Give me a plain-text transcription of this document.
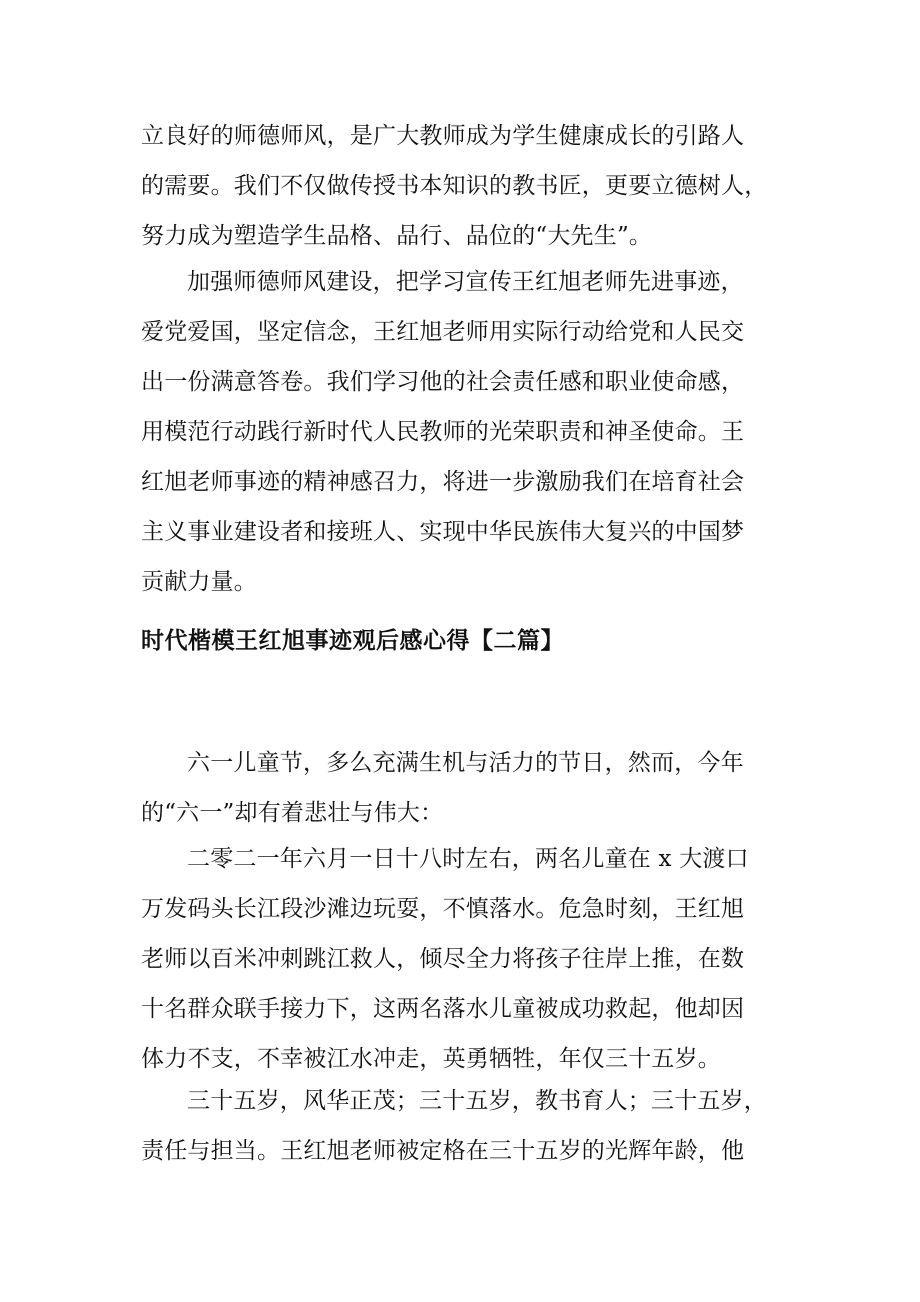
立良好的师德师风，是广大教师成为学生健康成长的引路人
的需要。我们不仅做传授书本知识的教书匠，更要立德树人，
努力成为塑造学生品格、品行、品位的“大先生”。
加强师德师风建设，把学习宣传王红旭老师先进事迹，
爱党爱国，坚定信念，王红旭老师用实际行动给党和人民交
出一份满意答卷。我们学习他的社会责任感和职业使命感，
用模范行动践行新时代人民教师的光荣职责和神圣使命。王
红旭老师事迹的精神感召力，将进一步激励我们在培育社会
主义事业建设者和接班人、实现中华民族伟大复兴的中国梦
贡献力量。
时代楷模王红旭事迹观后感心得【二篇】
六一儿童节，多么充满生机与活力的节日，然而，今年
的“六一”却有着悲壮与伟大：
二零二一年六月一日十八时左右，两名儿童在 x 大渡口
万发码头长江段沙滩边玩耍，不慎落水。危急时刻，王红旭
老师以百米冲刺跳江救人，倾尽全力将孩子往岸上推，在数
十名群众联手接力下，这两名落水儿童被成功救起，他却因
体力不支，不幸被江水冲走，英勇牺牲，年仅三十五岁。
三十五岁，风华正茂；三十五岁，教书育人；三十五岁，
责任与担当。王红旭老师被定格在三十五岁的光辉年龄，他
